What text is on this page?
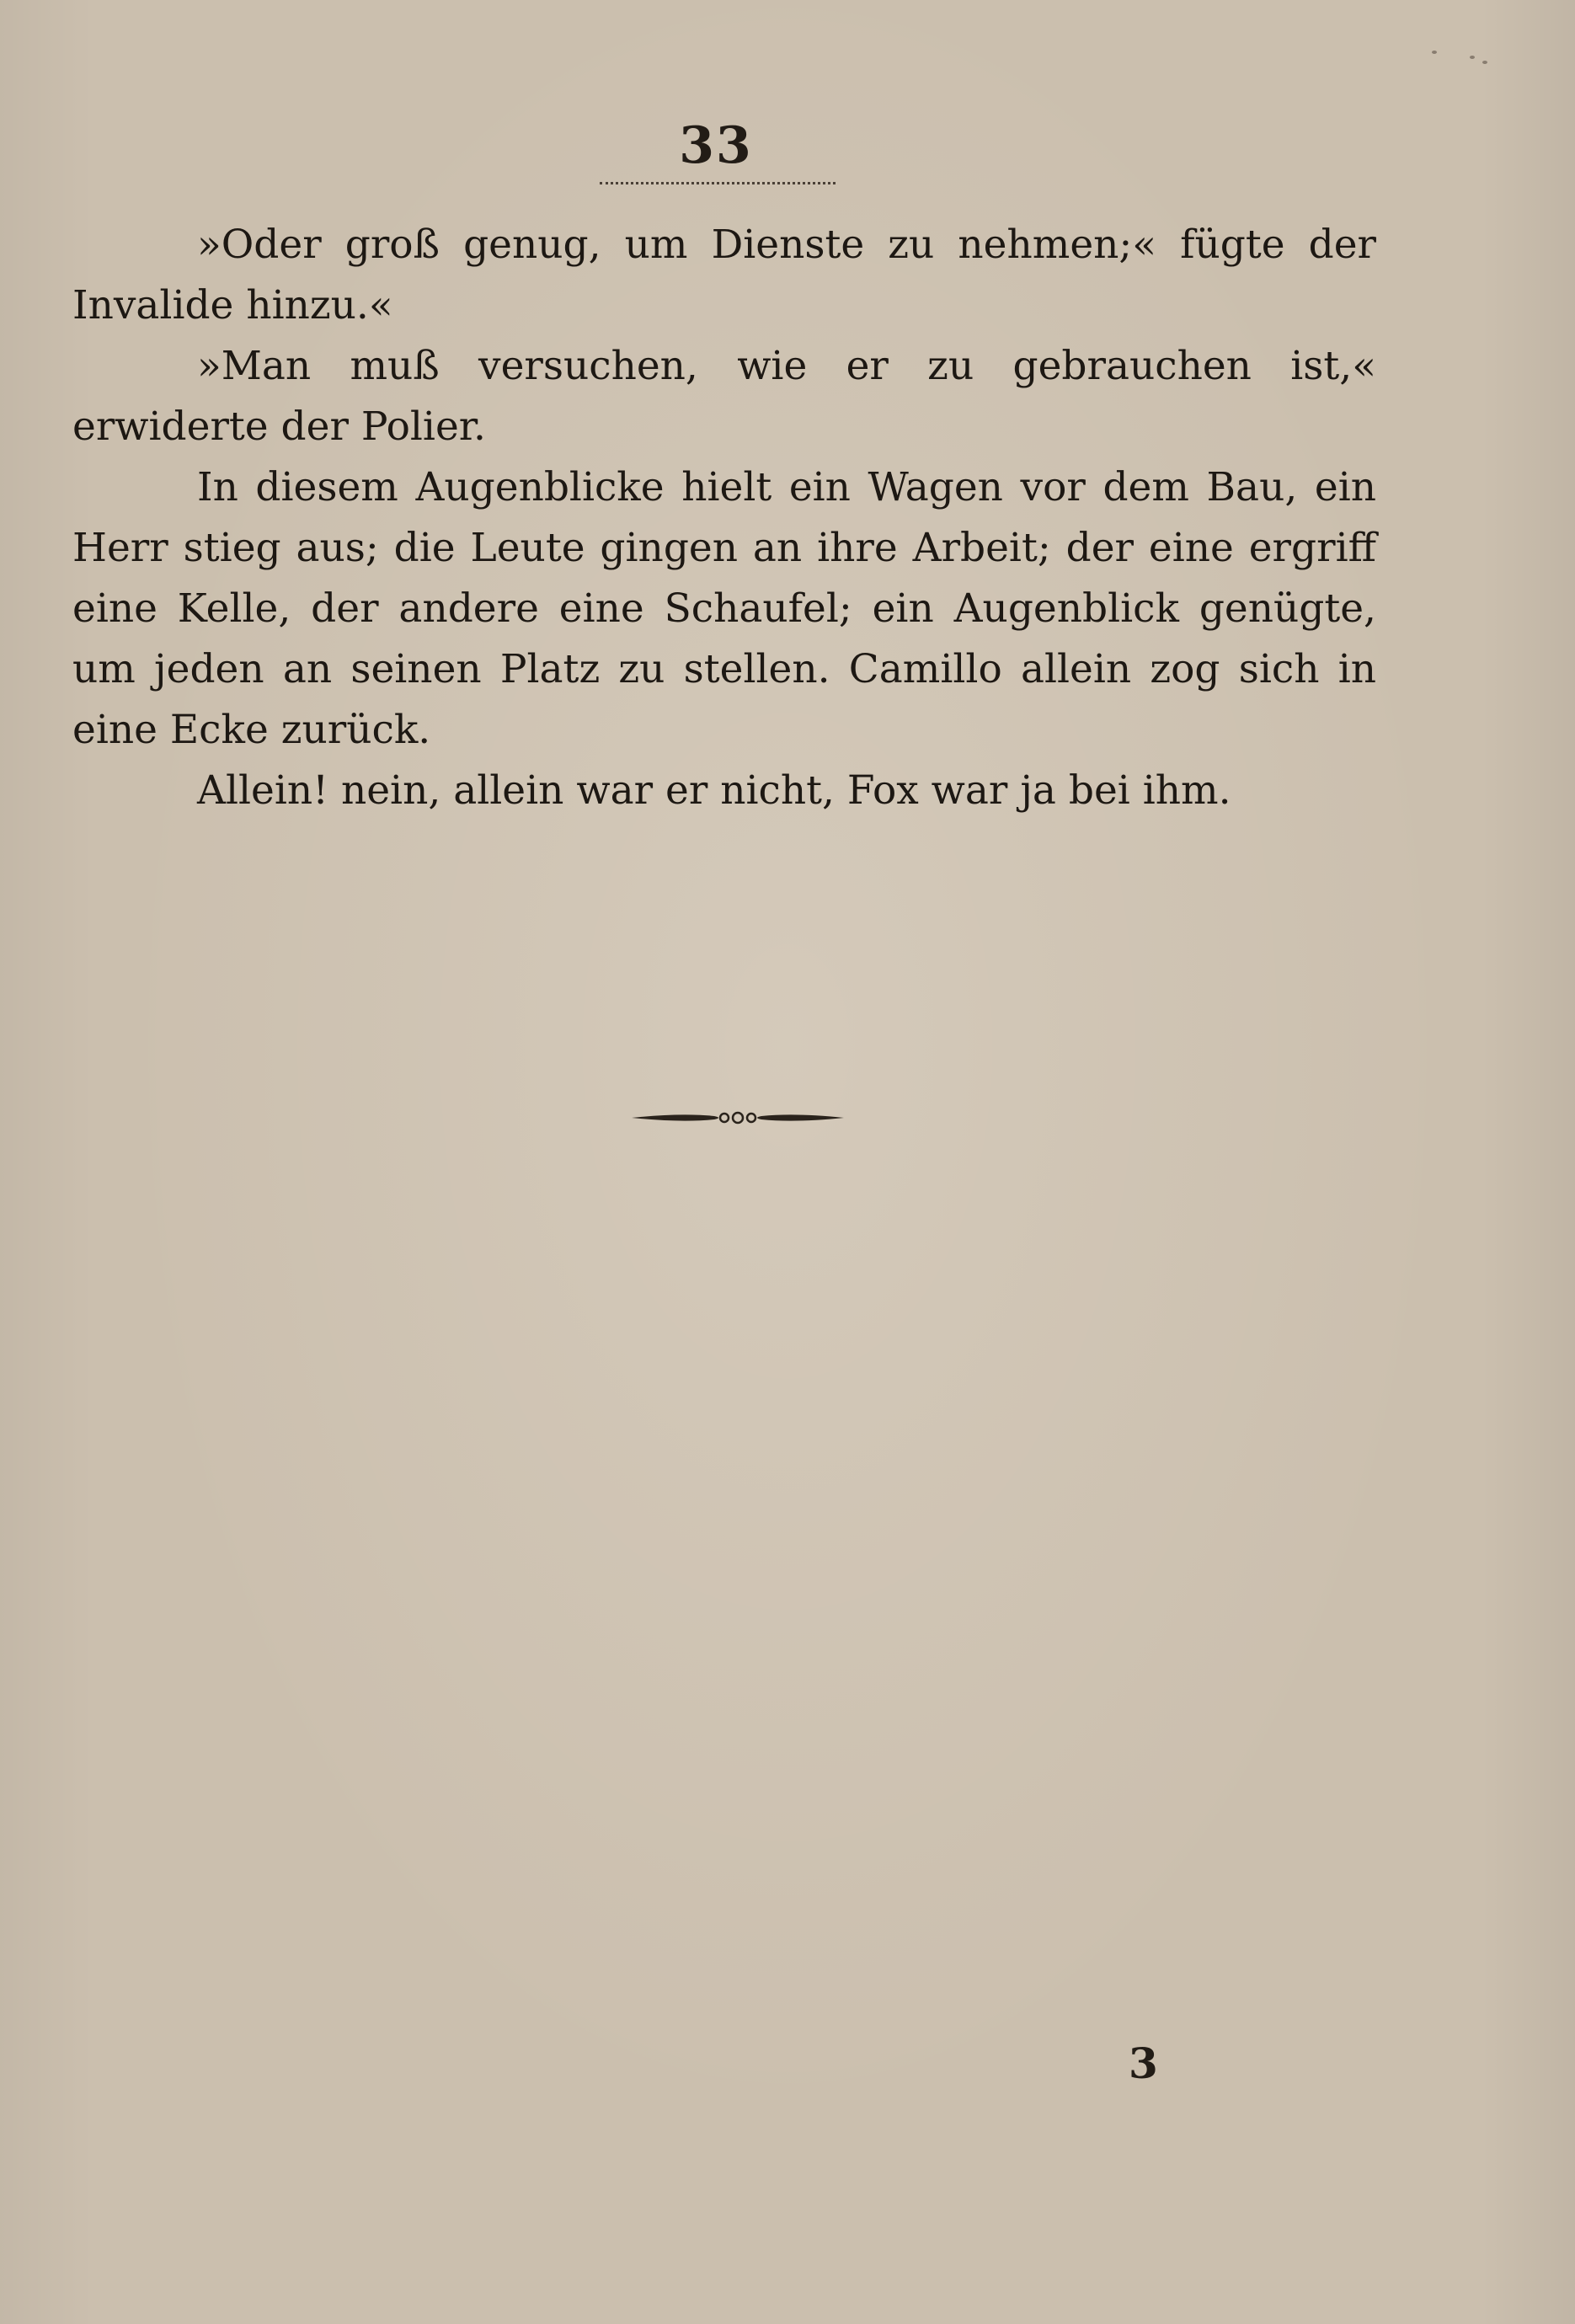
33

»Oder groß genug, um Dienste zu nehmen;« fügte der Invalide hinzu.«

»Man muß versuchen, wie er zu gebrauchen ist,« erwiderte der Polier.

In diesem Augenblicke hielt ein Wagen vor dem Bau, ein Herr stieg aus; die Leute gingen an ihre Arbeit; der eine ergriff eine Kelle, der andere eine Schaufel; ein Augenblick genügte, um jeden an seinen Platz zu stellen. Camillo allein zog sich in eine Ecke zurück.

Allein! nein, allein war er nicht, Fox war ja bei ihm.

3
